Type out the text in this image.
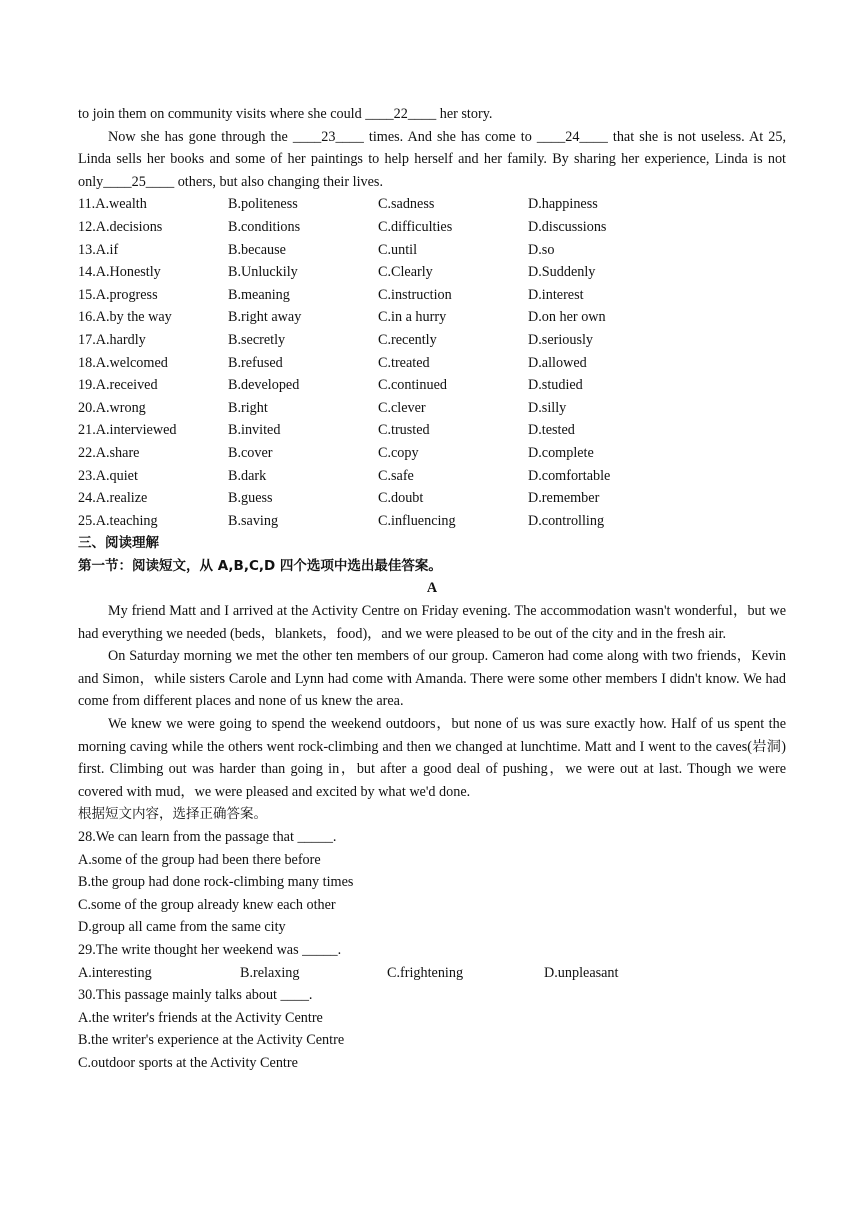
to join them on community visits where she could ____22____ her story.
Now she has gone through the ____23____ times. And she has come to ____24____ that she is not useless. At 25, Linda sells her books and some of her paintings to help herself and her family. By sharing her experience, Linda is not only____25____ others, but also changing their lives.
11.A.wealth	B.politeness	C.sadness	D.happiness
12.A.decisions	B.conditions	C.difficulties	D.discussions
13.A.if	B.because	C.until	D.so
14.A.Honestly	B.Unluckily	C.Clearly	D.Suddenly
15.A.progress	B.meaning	C.instruction	D.interest
16.A.by the way	B.right away	C.in a hurry	D.on her own
17.A.hardly	B.secretly	C.recently	D.seriously
18.A.welcomed	B.refused	C.treated	D.allowed
19.A.received	B.developed	C.continued	D.studied
20.A.wrong	B.right	C.clever	D.silly
21.A.interviewed	B.invited	C.trusted	D.tested
22.A.share	B.cover	C.copy	D.complete
23.A.quiet	B.dark	C.safe	D.comfortable
24.A.realize	B.guess	C.doubt	D.remember
25.A.teaching	B.saving	C.influencing	D.controlling
三、阅读理解
第一节：阅读短文，从 A,B,C,D 四个选项中选出最佳答案。
A
My friend Matt and I arrived at the Activity Centre on Friday evening. The accommodation wasn't wonderful，but we had everything we needed (beds，blankets，food)，and we were pleased to be out of the city and in the fresh air.
On Saturday morning we met the other ten members of our group. Cameron had come along with two friends，Kevin and Simon，while sisters Carole and Lynn had come with Amanda. There were some other members I didn't know. We had come from different places and none of us knew the area.
We knew we were going to spend the weekend outdoors，but none of us was sure exactly how. Half of us spent the morning caving while the others went rock-climbing and then we changed at lunchtime. Matt and I went to the caves(岩洞) first. Climbing out was harder than going in，but after a good deal of pushing，we were out at last. Though we were covered with mud，we were pleased and excited by what we'd done.
根据短文内容，选择正确答案。
28.We can learn from the passage that _____.
A.some of the group had been there before
B.the group had done rock-climbing many times
C.some of the group already knew each other
D.group all came from the same city
29.The write thought her weekend was _____.
A.interesting	B.relaxing	C.frightening	D.unpleasant
30.This passage mainly talks about ____.
A.the writer's friends at the Activity Centre
B.the writer's experience at the Activity Centre
C.outdoor sports at the Activity Centre
